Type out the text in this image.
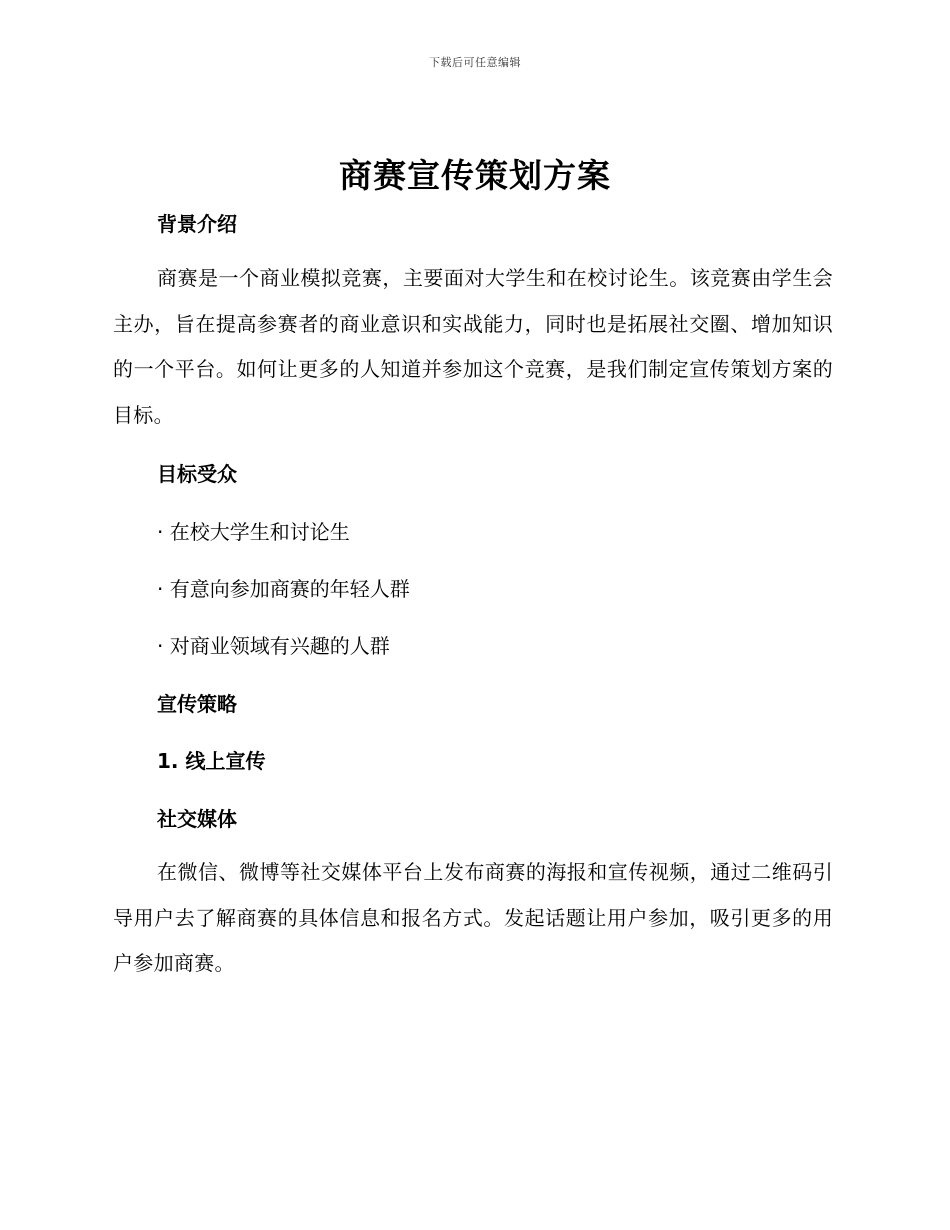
下载后可任意编辑
商赛宣传策划方案
背景介绍

商赛是一个商业模拟竞赛，主要面对大学生和在校讨论生。该竞赛由学生会主办，旨在提高参赛者的商业意识和实战能力，同时也是拓展社交圈、增加知识的一个平台。如何让更多的人知道并参加这个竞赛，是我们制定宣传策划方案的目标。

目标受众

· 在校大学生和讨论生

· 有意向参加商赛的年轻人群

· 对商业领域有兴趣的人群

宣传策略
1. 线上宣传
社交媒体

在微信、微博等社交媒体平台上发布商赛的海报和宣传视频，通过二维码引导用户去了解商赛的具体信息和报名方式。发起话题让用户参加，吸引更多的用户参加商赛。
